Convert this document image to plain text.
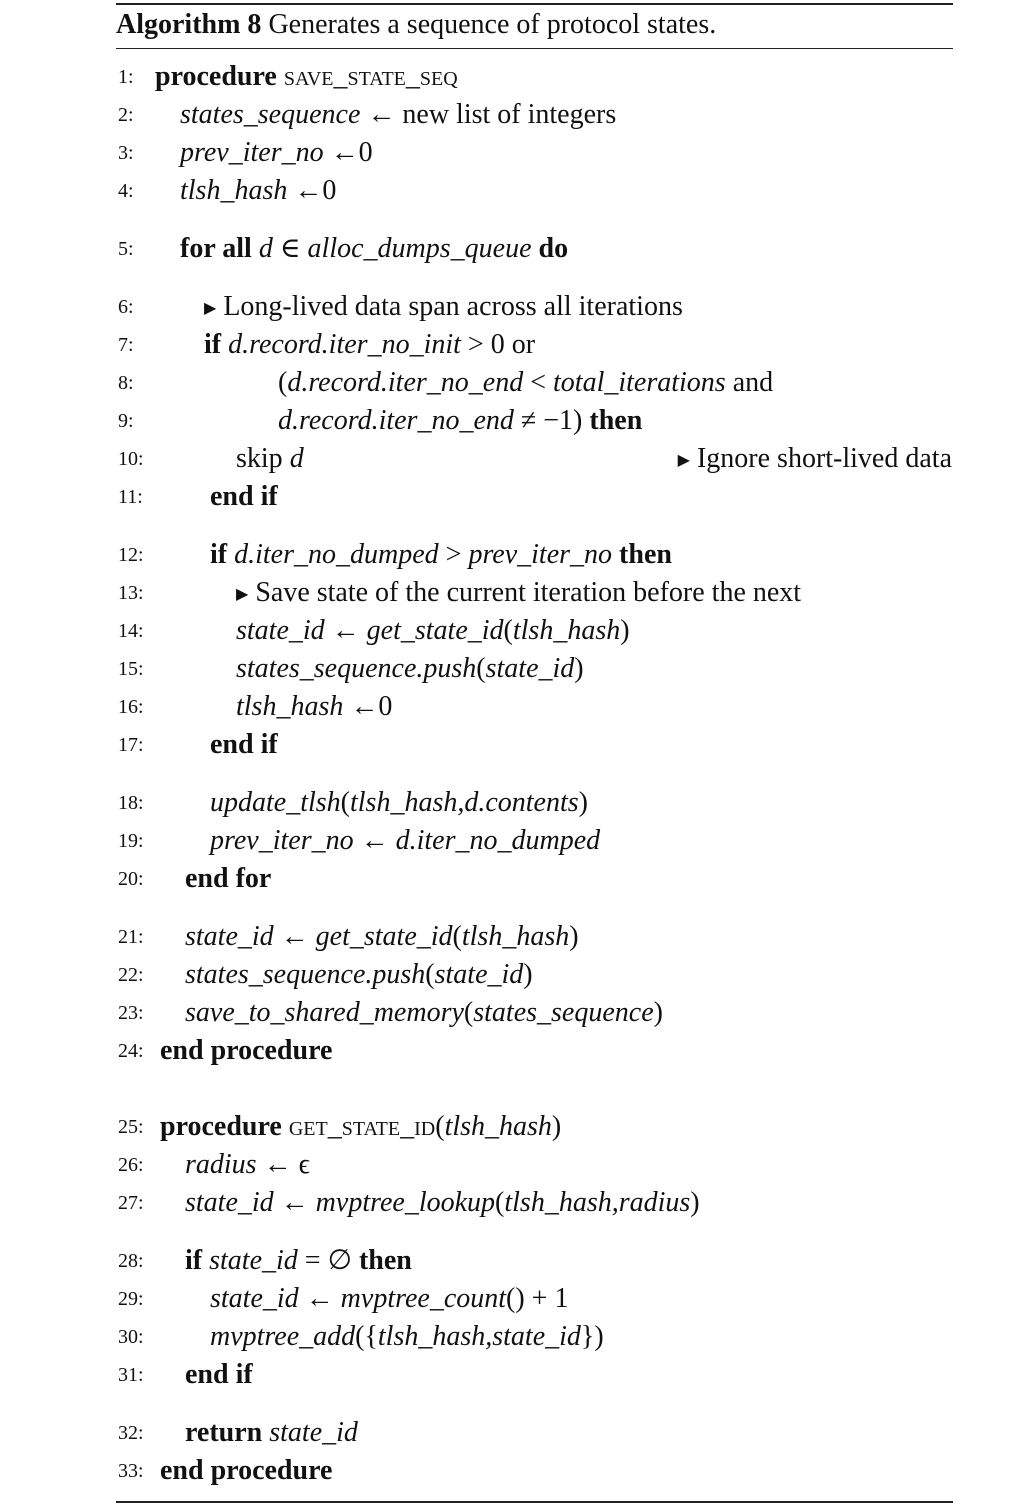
Algorithm 8 Generates a sequence of protocol states.
1: procedure save_state_seq
2: states_sequence ← new list of integers
3: prev_iter_no ←0
4: tlsh_hash ←0
5: for all d ∈ alloc_dumps_queue do
6:	▶ Long-lived data span across all iterations
7:	if d.record.iter_no_init > 0 or
8:	(d.record.iter_no_end < total_iterations and
9:	d.record.iter_no_end ≠ −1) then
10:	skip d	▶ Ignore short-lived data
11: end if
12: if d.iter_no_dumped > prev_iter_no then
13:	▶ Save state of the current iteration before the next
14:	state_id ← get_state_id(tlsh_hash)
15:	states_sequence.push(state_id)
16:	tlsh_hash ←0
17: end if
18: update_tlsh(tlsh_hash,d.contents)
19: prev_iter_no ← d.iter_no_dumped
20: end for
21: state_id ← get_state_id(tlsh_hash)
22: states_sequence.push(state_id)
23: save_to_shared_memory(states_sequence)
24: end procedure
25: procedure get_state_id(tlsh_hash)
26: radius ← ϵ
27: state_id ← mvptree_lookup(tlsh_hash,radius)
28: if state_id = ∅ then
29: state_id ← mvptree_count() + 1
30: mvptree_add({tlsh_hash,state_id})
31: end if
32: return state_id
33: end procedure
